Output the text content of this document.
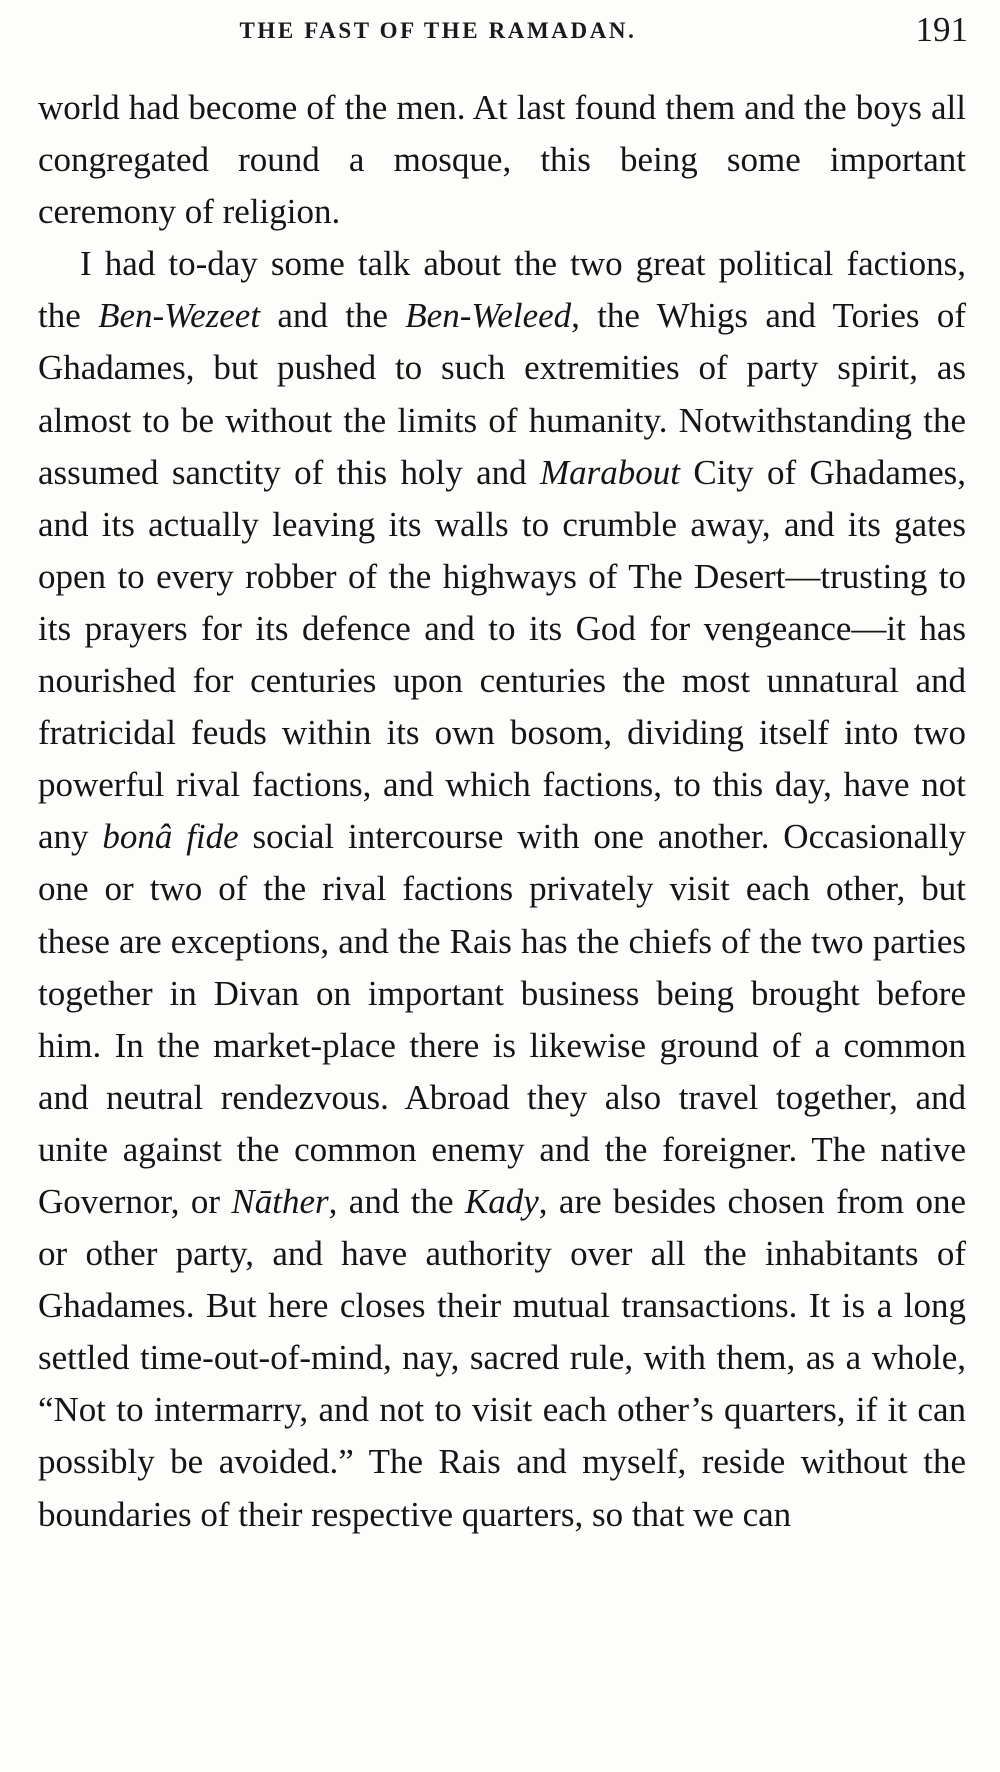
THE FAST OF THE RAMADAN.	191

world had become of the men. At last found them and the boys all congregated round a mosque, this being some important ceremony of religion.

I had to-day some talk about the two great political factions, the Ben-Wezeet and the Ben-Weleed, the Whigs and Tories of Ghadames, but pushed to such extremities of party spirit, as almost to be without the limits of humanity. Notwithstanding the assumed sanctity of this holy and Marabout City of Ghadames, and its actually leaving its walls to crumble away, and its gates open to every robber of the highways of The Desert—trusting to its prayers for its defence and to its God for vengeance—it has nourished for centuries upon centuries the most unnatural and fratricidal feuds within its own bosom, dividing itself into two powerful rival factions, and which factions, to this day, have not any bonâ fide social intercourse with one another. Occasionally one or two of the rival factions privately visit each other, but these are exceptions, and the Rais has the chiefs of the two parties together in Divan on important business being brought before him. In the market-place there is likewise ground of a common and neutral rendezvous. Abroad they also travel together, and unite against the common enemy and the foreigner. The native Governor, or Nāther, and the Kady, are besides chosen from one or other party, and have authority over all the inhabitants of Ghadames. But here closes their mutual transactions. It is a long settled time-out-of-mind, nay, sacred rule, with them, as a whole, “Not to intermarry, and not to visit each other’s quarters, if it can possibly be avoided.” The Rais and myself, reside without the boundaries of their respective quarters, so that we can
